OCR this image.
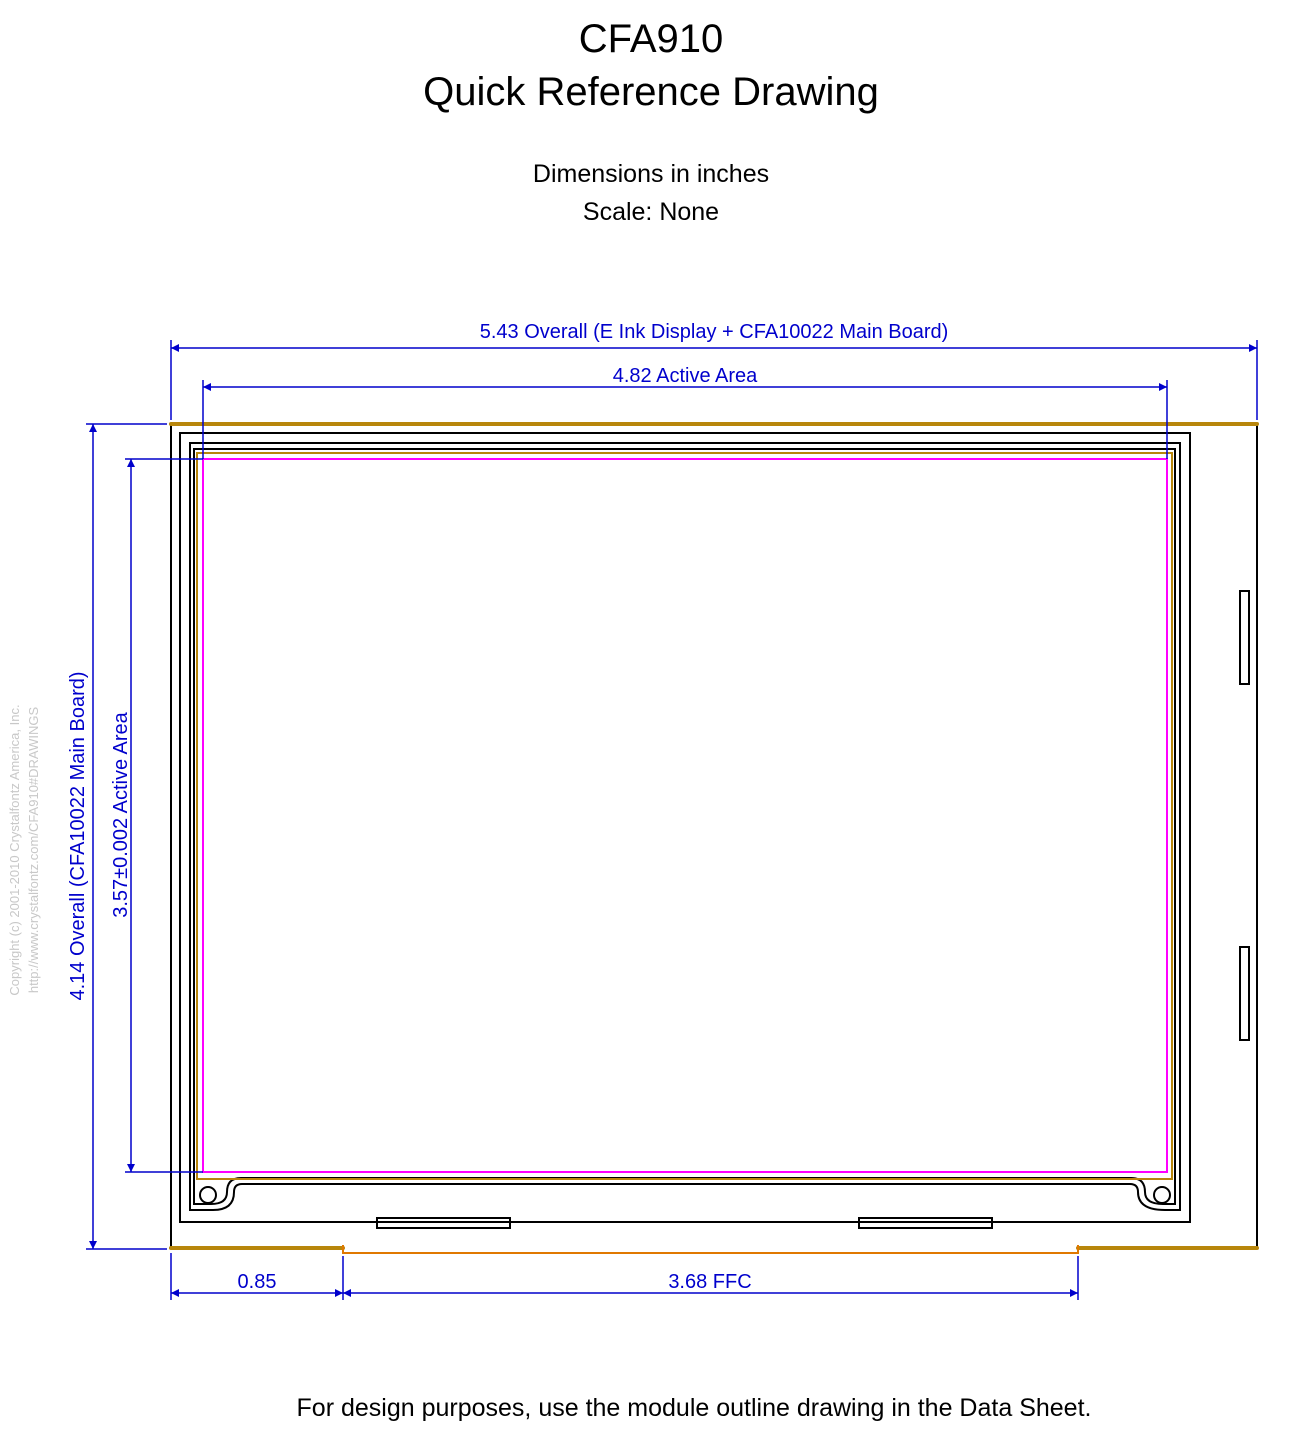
CFA910
Quick Reference Drawing
Dimensions in inches
Scale: None
Copyright (c) 2001-2010 Crystalfontz America, Inc. http://www.crystalfontz.com/CFA910#DRAWINGS
5.43 Overall (E Ink Display + CFA10022 Main Board)
4.82 Active Area
4.14 Overall (CFA10022 Main Board) 3.57±0.002 Active Area
0.85	3.68 FFC
For design purposes, use the module outline drawing in the Data Sheet.
